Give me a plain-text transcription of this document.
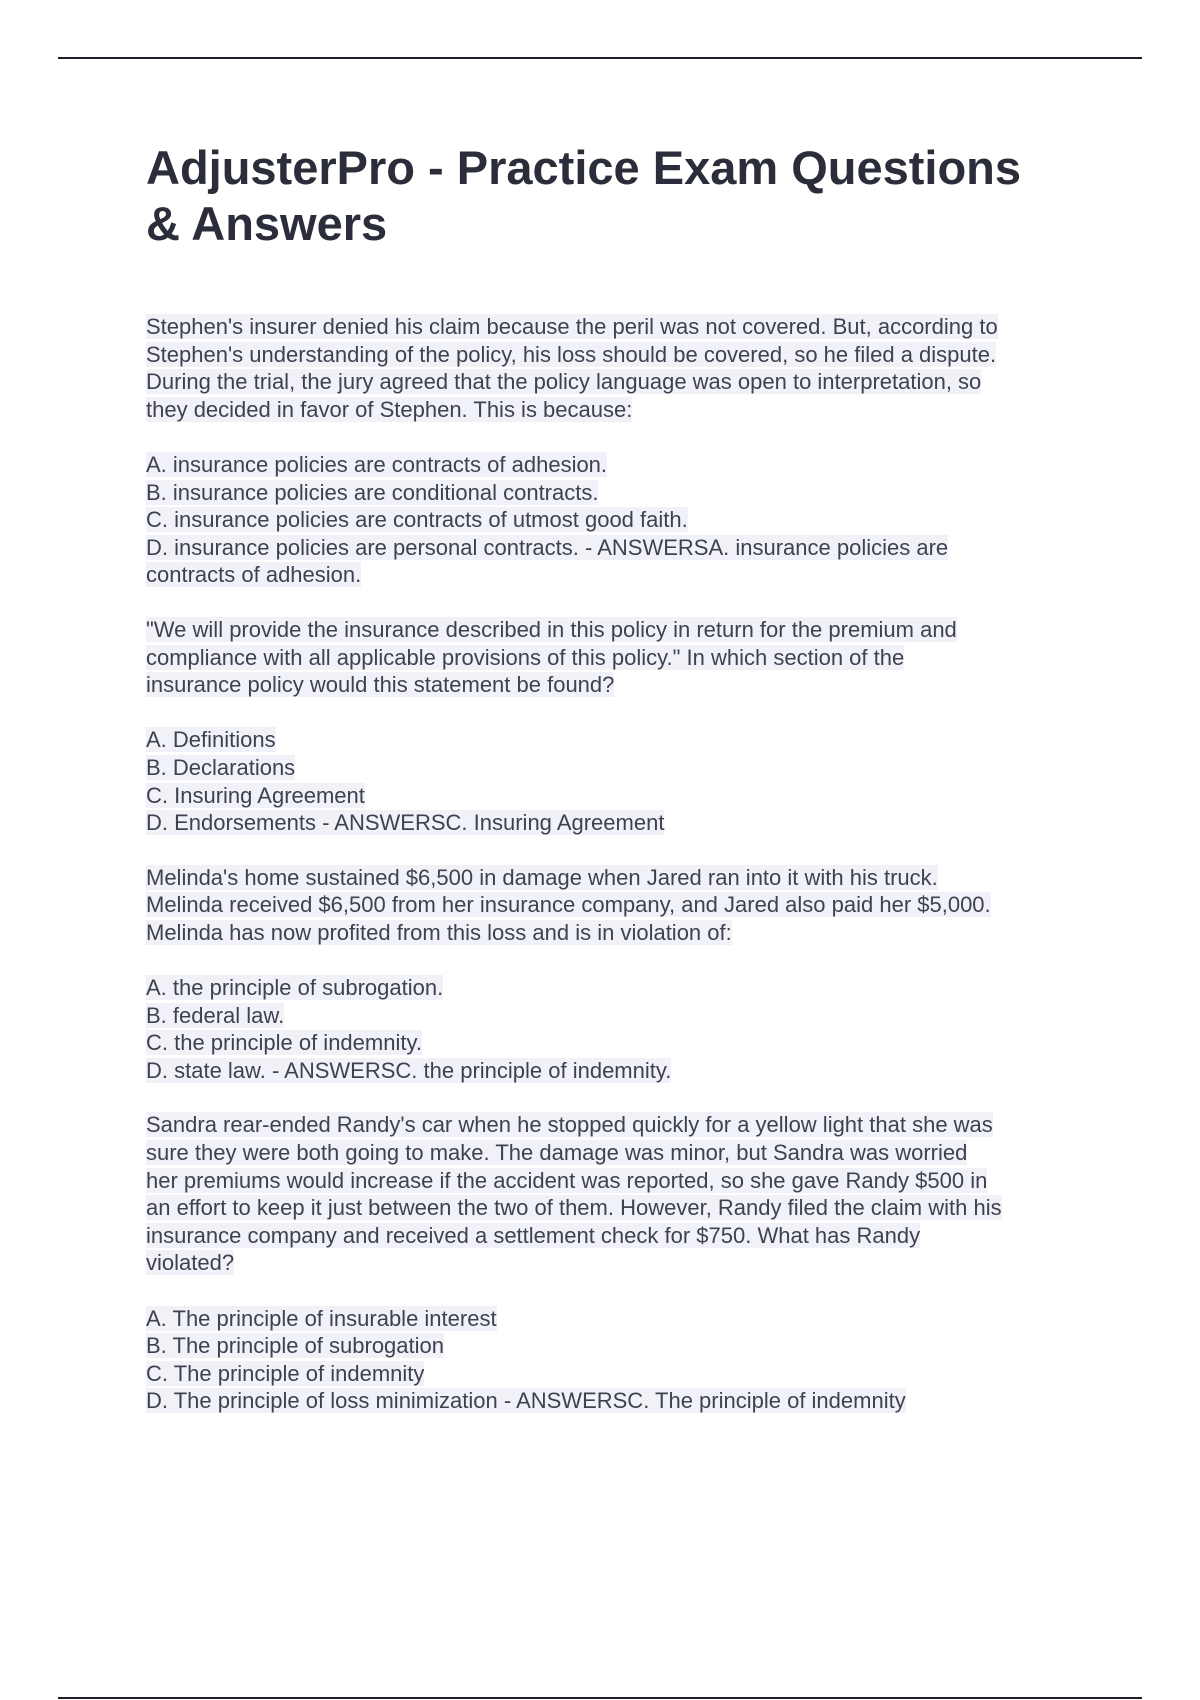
AdjusterPro - Practice Exam Questions
& Answers
Stephen's insurer denied his claim because the peril was not covered. But, according to
Stephen's understanding of the policy, his loss should be covered, so he filed a dispute.
During the trial, the jury agreed that the policy language was open to interpretation, so
they decided in favor of Stephen. This is because:
A. insurance policies are contracts of adhesion.
B. insurance policies are conditional contracts.
C. insurance policies are contracts of utmost good faith.
D. insurance policies are personal contracts. - ANSWERSA. insurance policies are
contracts of adhesion.
"We will provide the insurance described in this policy in return for the premium and
compliance with all applicable provisions of this policy." In which section of the
insurance policy would this statement be found?
A. Definitions
B. Declarations
C. Insuring Agreement
D. Endorsements - ANSWERSC. Insuring Agreement
Melinda's home sustained $6,500 in damage when Jared ran into it with his truck.
Melinda received $6,500 from her insurance company, and Jared also paid her $5,000.
Melinda has now profited from this loss and is in violation of:
A. the principle of subrogation.
B. federal law.
C. the principle of indemnity.
D. state law. - ANSWERSC. the principle of indemnity.
Sandra rear-ended Randy's car when he stopped quickly for a yellow light that she was
sure they were both going to make. The damage was minor, but Sandra was worried
her premiums would increase if the accident was reported, so she gave Randy $500 in
an effort to keep it just between the two of them. However, Randy filed the claim with his
insurance company and received a settlement check for $750. What has Randy
violated?
A. The principle of insurable interest
B. The principle of subrogation
C. The principle of indemnity
D. The principle of loss minimization - ANSWERSC. The principle of indemnity
